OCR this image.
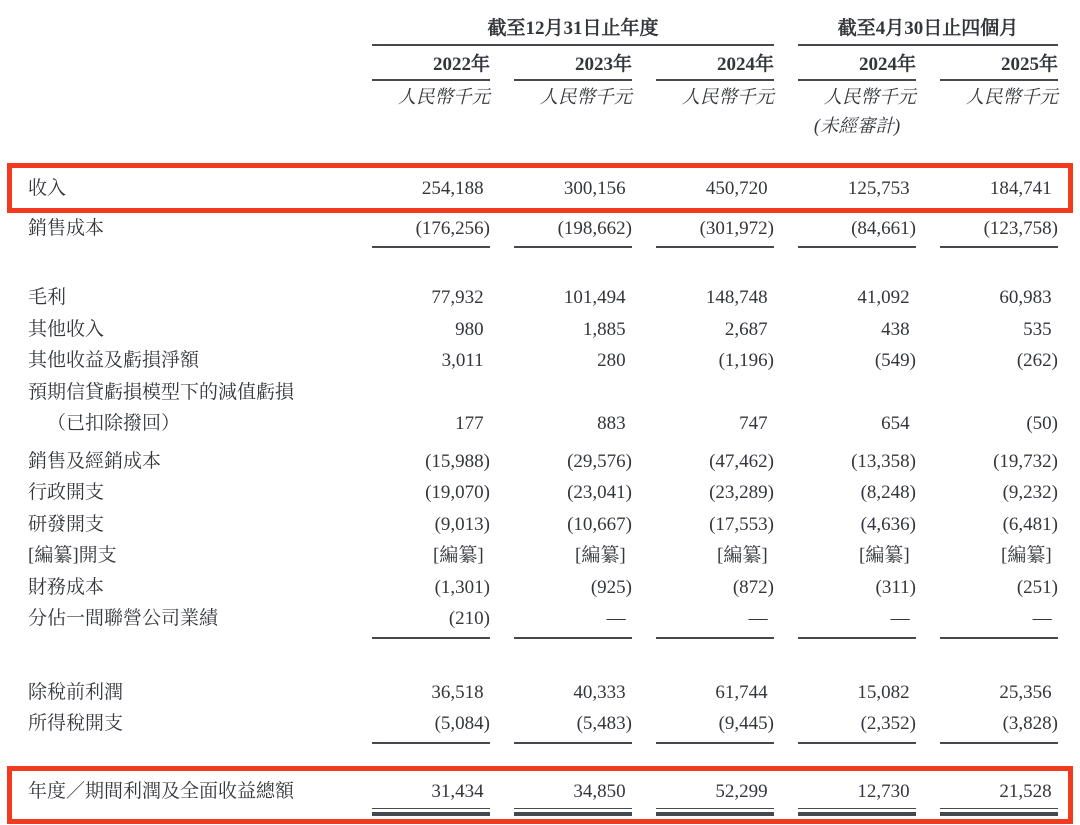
截至12月31日止年度	截至4月30日止四個月
2022年	2023年	2024年	2024年	2025年
人民幣千元	人民幣千元	人民幣千元	人民幣千元	人民幣千元
(未經審計)
收入	254,188	300,156	450,720	125,753	184,741
銷售成本	(176,256)	(198,662)	(301,972)	(84,661)	(123,758)
毛利	77,932	101,494	148,748	41,092	60,983
其他收入	980	1,885	2,687	438	535
其他收益及虧損淨額	3,011	280	(1,196)	(549)	(262)
預期信貸虧損模型下的減值虧損
（已扣除撥回）	177	883	747	654	(50)
銷售及經銷成本	(15,988)	(29,576)	(47,462)	(13,358)	(19,732)
行政開支	(19,070)	(23,041)	(23,289)	(8,248)	(9,232)
研發開支	(9,013)	(10,667)	(17,553)	(4,636)	(6,481)
[編纂]開支	[編纂]	[編纂]	[編纂]	[編纂]	[編纂]
財務成本	(1,301)	(925)	(872)	(311)	(251)
分佔一間聯營公司業績	(210)	—	—	—	—
除稅前利潤	36,518	40,333	61,744	15,082	25,356
所得稅開支	(5,084)	(5,483)	(9,445)	(2,352)	(3,828)
年度／期間利潤及全面收益總額	31,434	34,850	52,299	12,730	21,528
